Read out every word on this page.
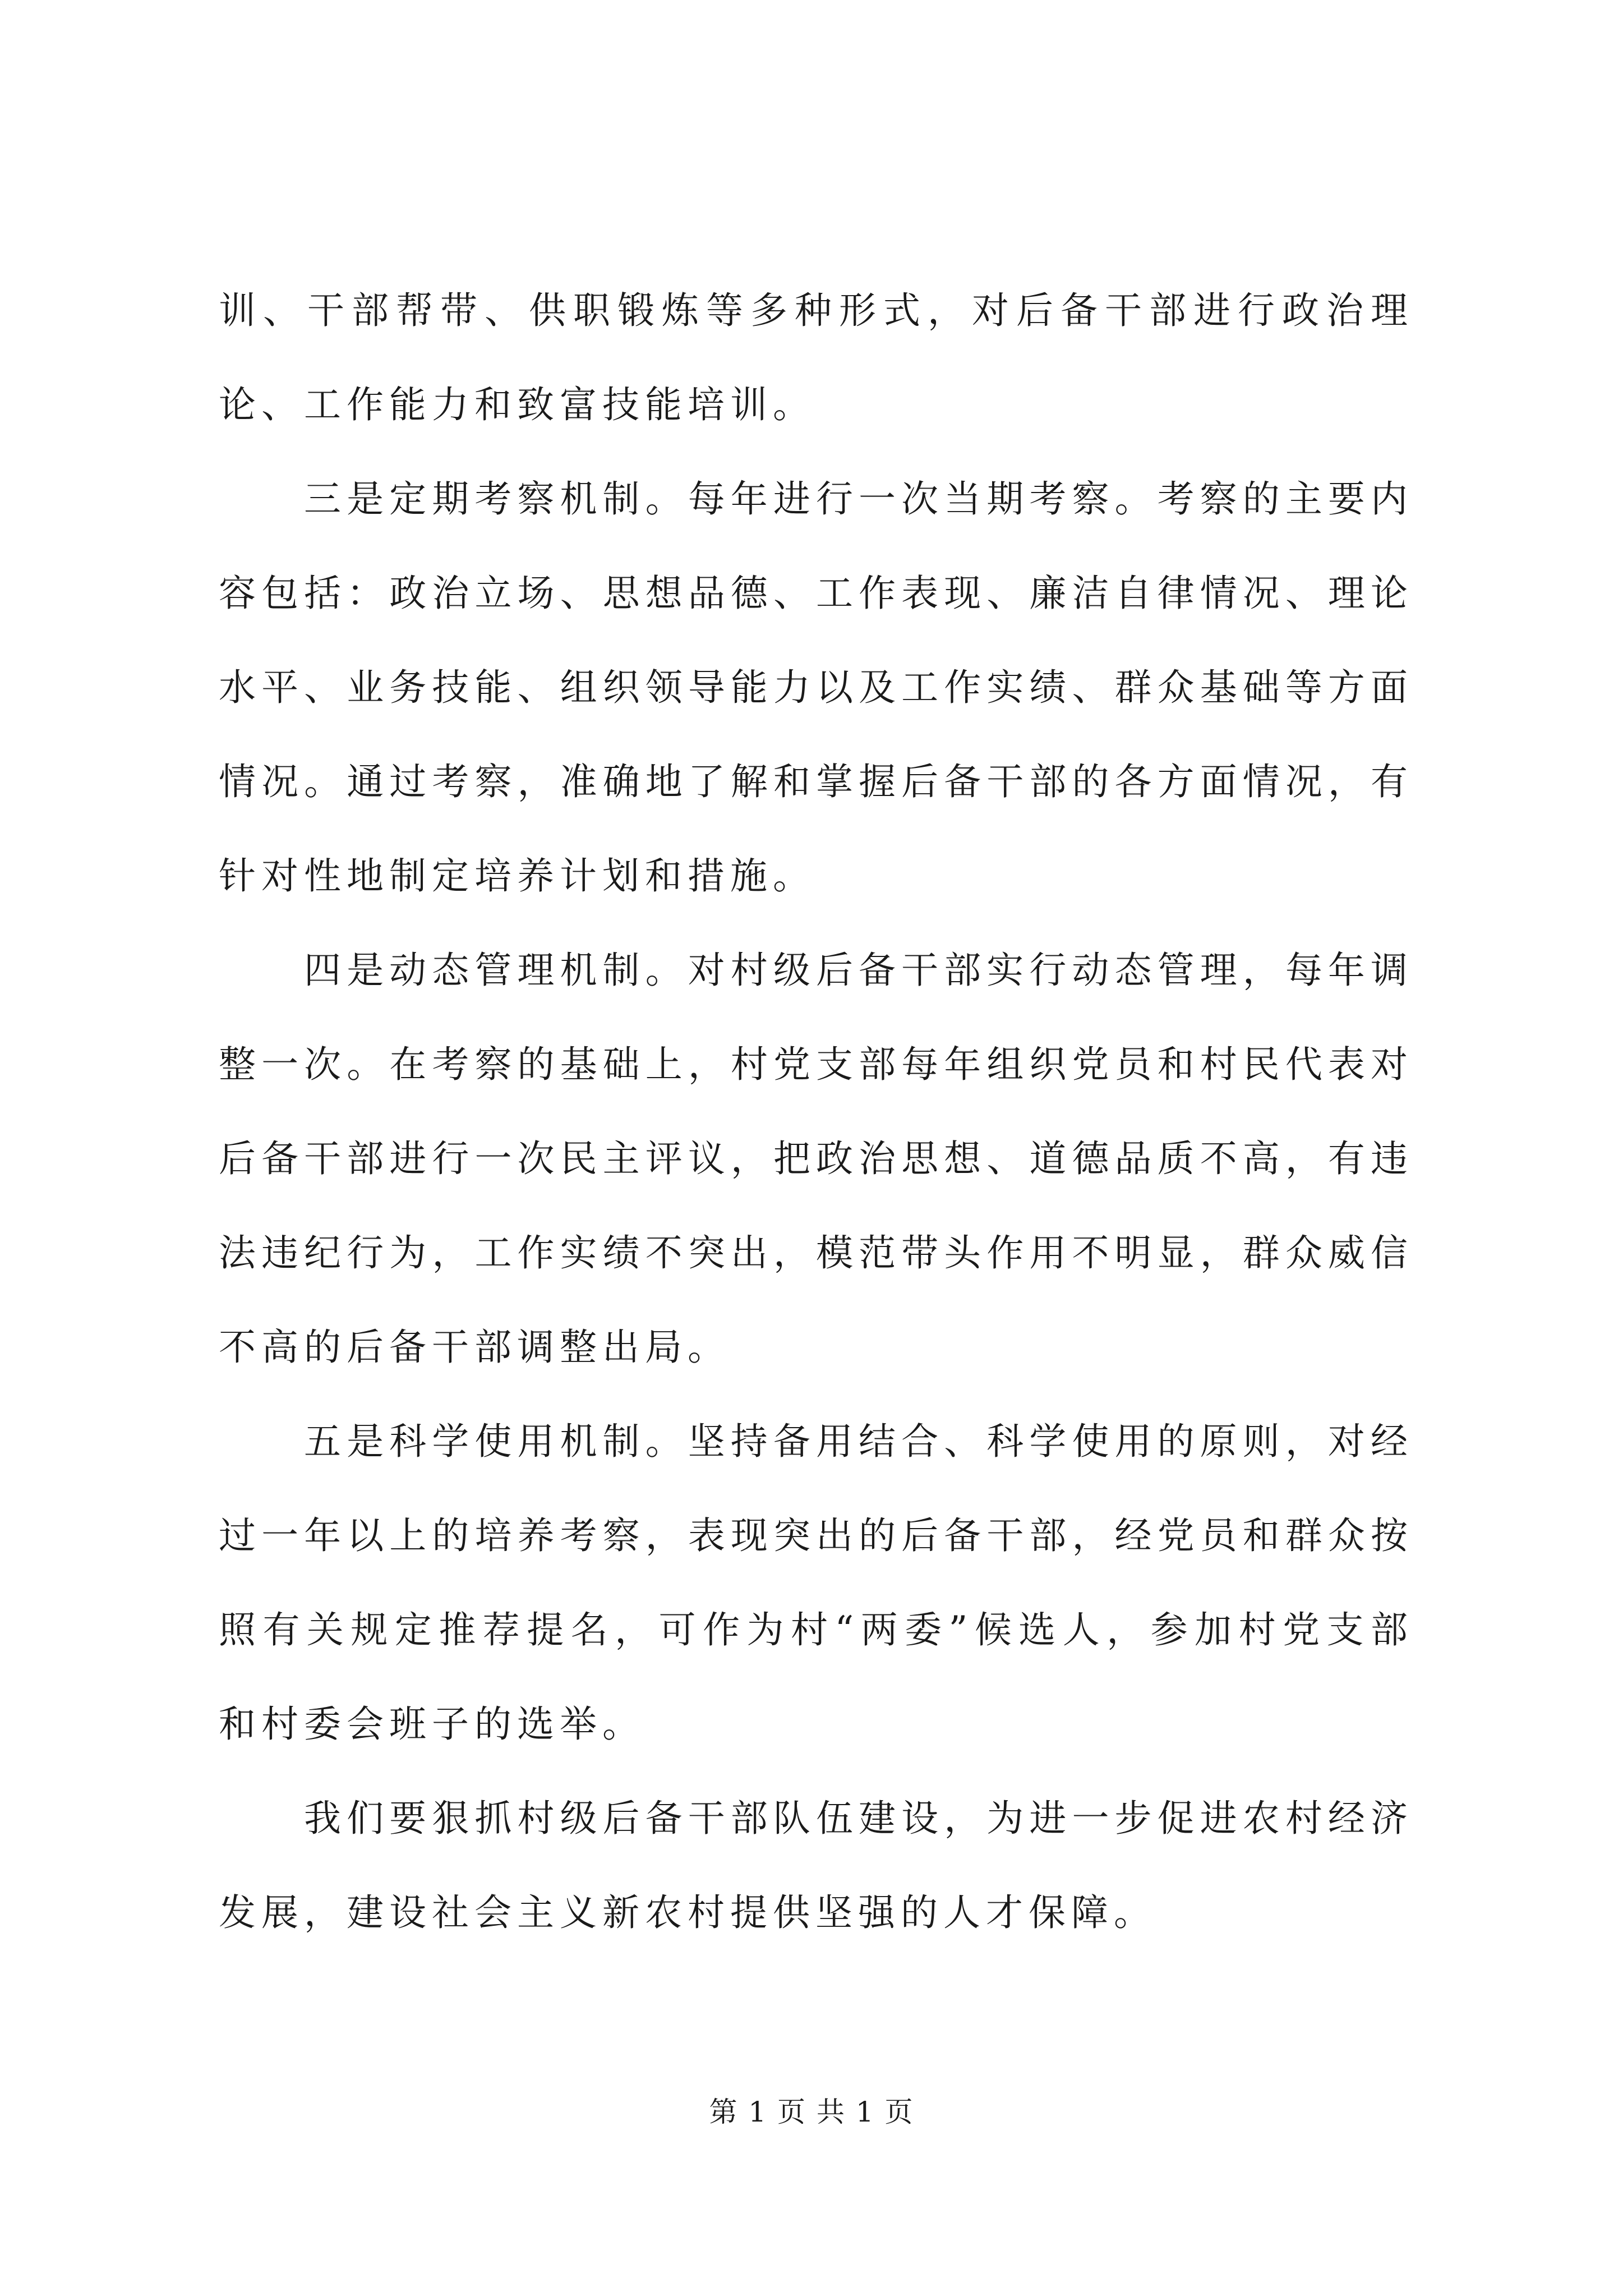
训、干部帮带、供职锻炼等多种形式，对后备干部进行政治理论、工作能力和致富技能培训。

三是定期考察机制。每年进行一次当期考察。考察的主要内容包括：政治立场、思想品德、工作表现、廉洁自律情况、理论水平、业务技能、组织领导能力以及工作实绩、群众基础等方面情况。通过考察，准确地了解和掌握后备干部的各方面情况，有针对性地制定培养计划和措施。

四是动态管理机制。对村级后备干部实行动态管理，每年调整一次。在考察的基础上，村党支部每年组织党员和村民代表对后备干部进行一次民主评议，把政治思想、道德品质不高，有违法违纪行为，工作实绩不突出，模范带头作用不明显，群众威信不高的后备干部调整出局。

五是科学使用机制。坚持备用结合、科学使用的原则，对经过一年以上的培养考察，表现突出的后备干部，经党员和群众按照有关规定推荐提名，可作为村“两委”候选人，参加村党支部和村委会班子的选举。

我们要狠抓村级后备干部队伍建设，为进一步促进农村经济发展，建设社会主义新农村提供坚强的人才保障。

第 1 页 共 1 页
